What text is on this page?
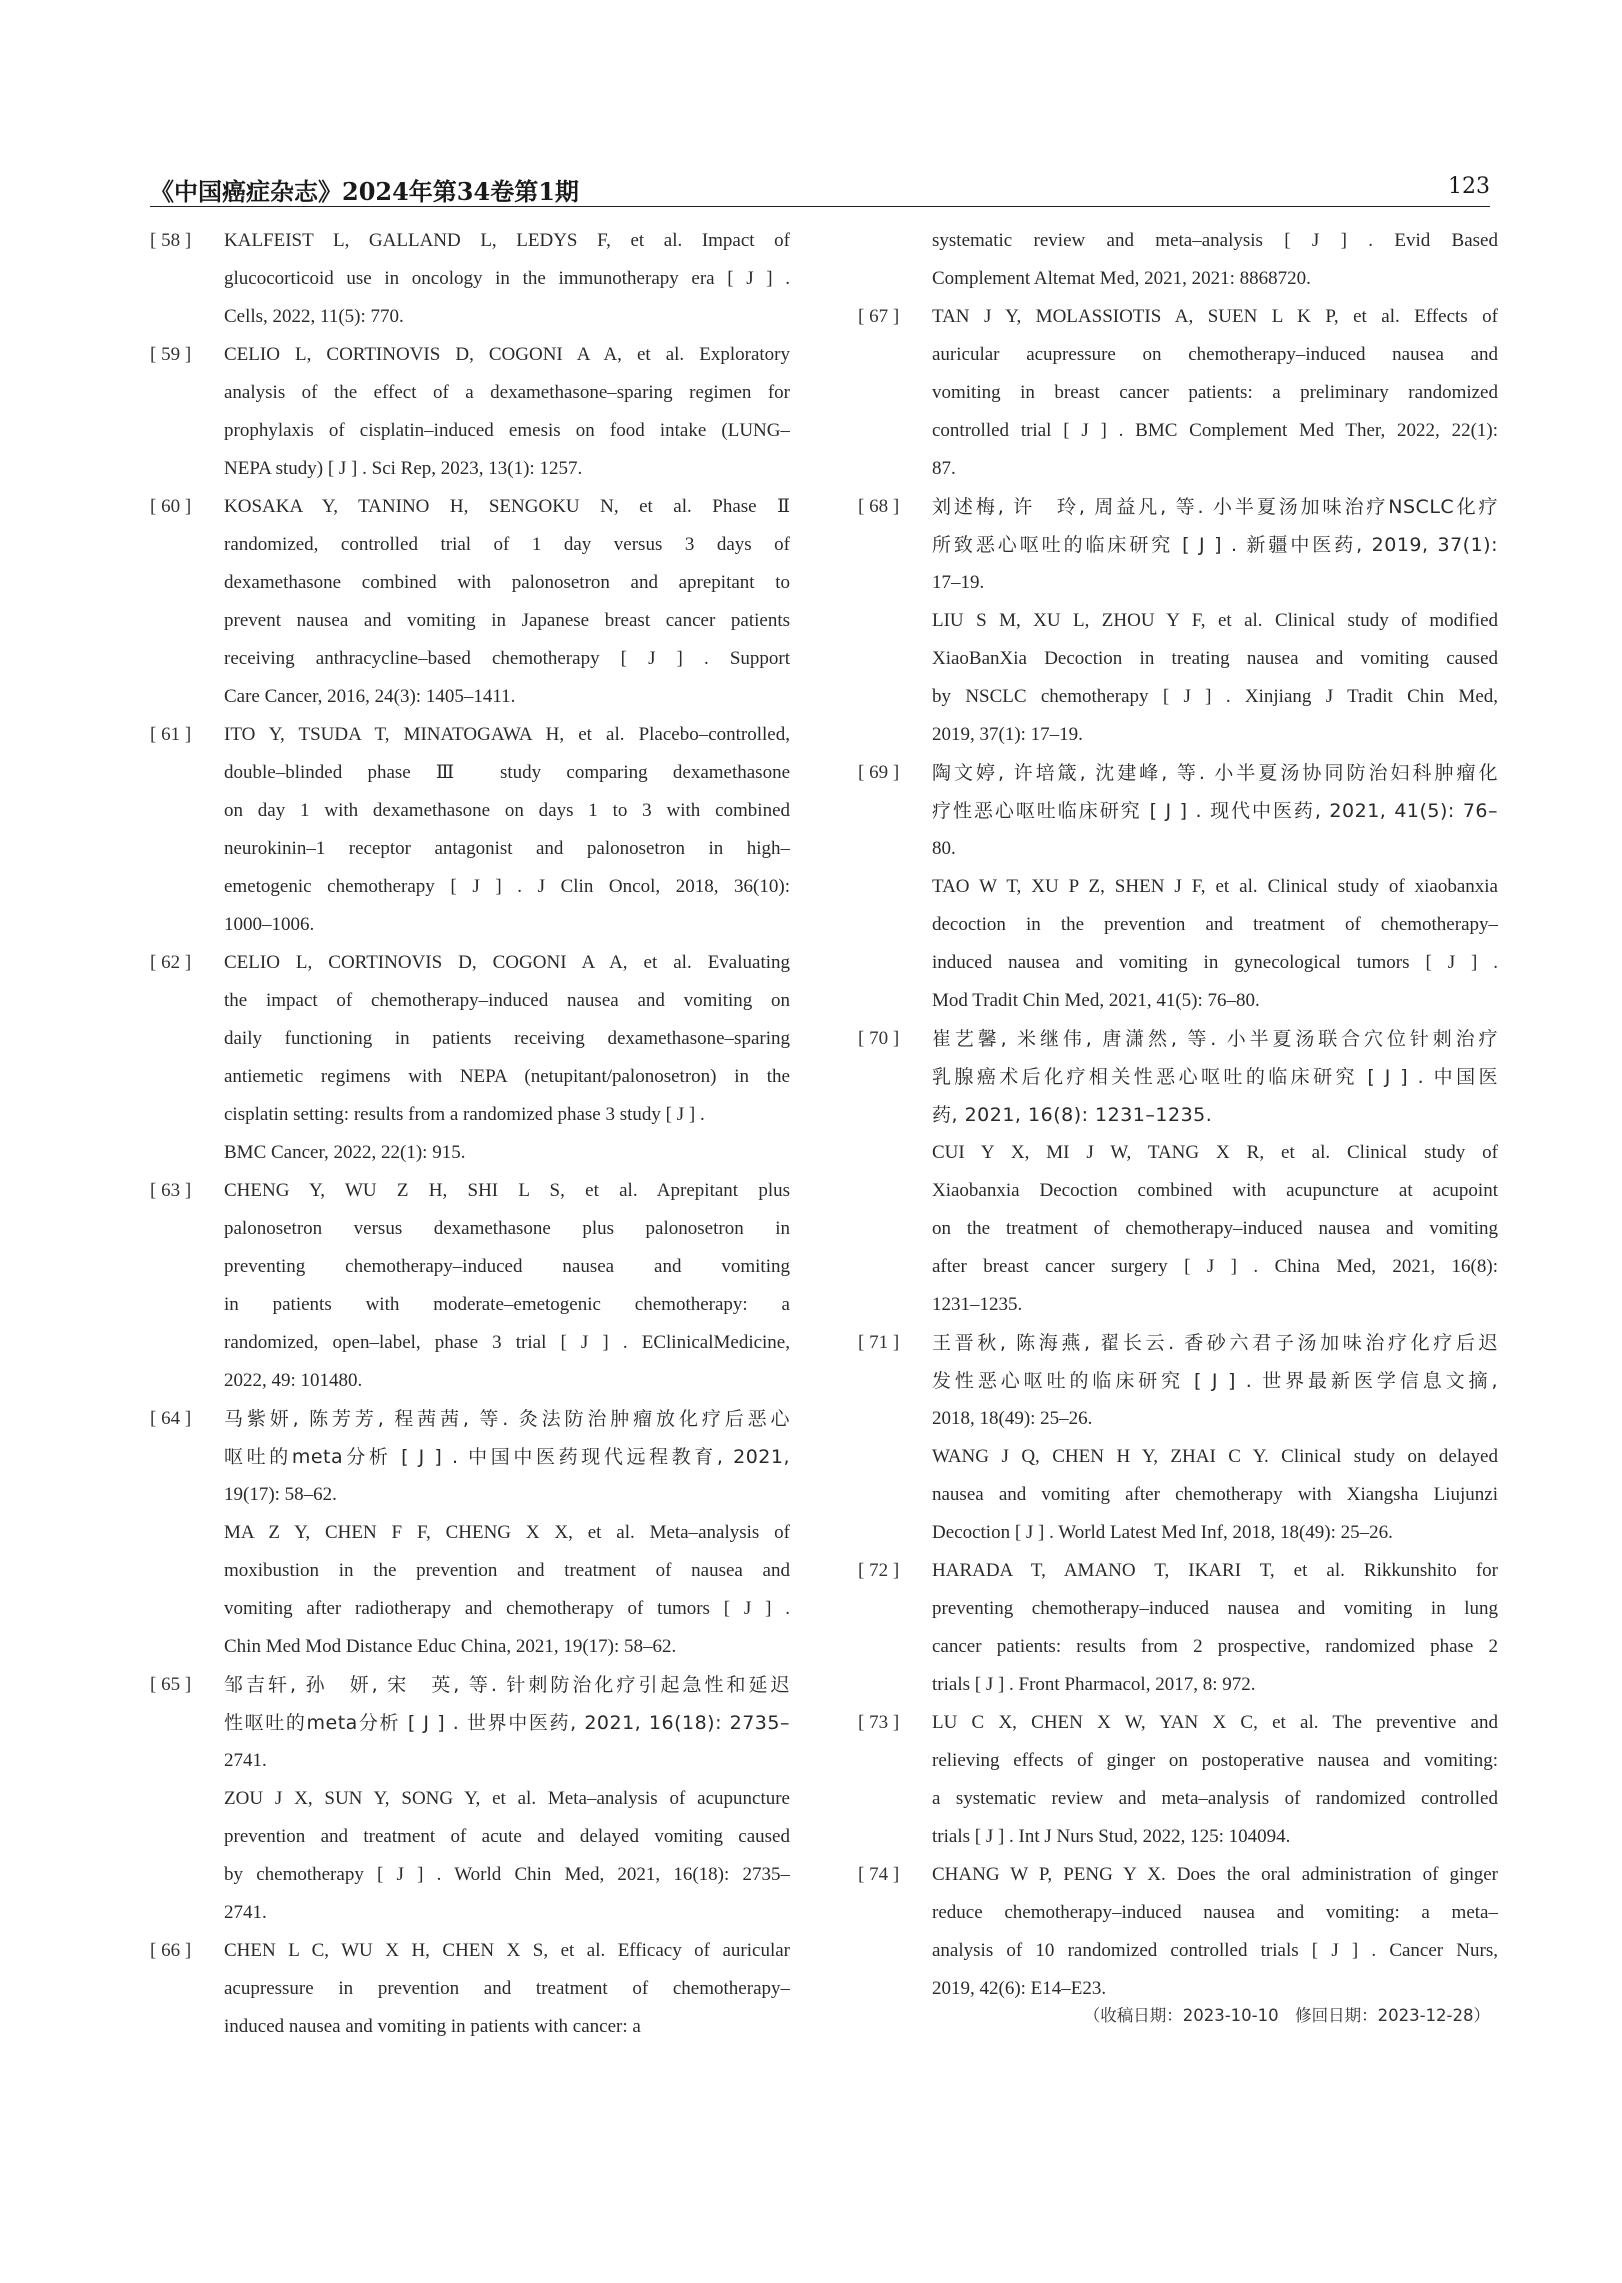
《中国癌症杂志》2024年第34卷第1期	123
[ 58 ]	KALFEIST L, GALLAND L, LEDYS F, et al. Impact of
glucocorticoid use in oncology in the immunotherapy era [ J ] .
Cells, 2022, 11(5): 770.
[ 59 ]	CELIO L, CORTINOVIS D, COGONI A A, et al. Exploratory
analysis of the effect of a dexamethasone–sparing regimen for
prophylaxis of cisplatin–induced emesis on food intake (LUNG–
NEPA study) [ J ] . Sci Rep, 2023, 13(1): 1257.
[ 60 ]	KOSAKA Y, TANINO H, SENGOKU N, et al. Phase Ⅱ
randomized, controlled trial of 1 day versus 3 days of
dexamethasone combined with palonosetron and aprepitant to
prevent nausea and vomiting in Japanese breast cancer patients
receiving anthracycline–based chemotherapy [ J ] . Support
Care Cancer, 2016, 24(3): 1405–1411.
[ 61 ]	ITO Y, TSUDA T, MINATOGAWA H, et al. Placebo–controlled,
double–blinded phase Ⅲ study comparing dexamethasone
on day 1 with dexamethasone on days 1 to 3 with combined
neurokinin–1 receptor antagonist and palonosetron in high–
emetogenic chemotherapy [ J ] . J Clin Oncol, 2018, 36(10):
1000–1006.
[ 62 ]	CELIO L, CORTINOVIS D, COGONI A A, et al. Evaluating
the impact of chemotherapy–induced nausea and vomiting on
daily functioning in patients receiving dexamethasone–sparing
antiemetic regimens with NEPA (netupitant/palonosetron) in the
cisplatin setting: results from a randomized phase 3 study [ J ] .
BMC Cancer, 2022, 22(1): 915.
[ 63 ]	CHENG Y, WU Z H, SHI L S, et al. Aprepitant plus
palonosetron versus dexamethasone plus palonosetron in
preventing chemotherapy–induced nausea and vomiting
in patients with moderate–emetogenic chemotherapy: a
randomized, open–label, phase 3 trial [ J ] . EClinicalMedicine,
2022, 49: 101480.
[ 64 ]	马紫妍, 陈芳芳, 程茜茜, 等. 灸法防治肿瘤放化疗后恶心
呕吐的meta分析 [ J ] . 中国中医药现代远程教育, 2021,
19(17): 58–62.
MA Z Y, CHEN F F, CHENG X X, et al. Meta–analysis of
moxibustion in the prevention and treatment of nausea and
vomiting after radiotherapy and chemotherapy of tumors [ J ] .
Chin Med Mod Distance Educ China, 2021, 19(17): 58–62.
[ 65 ]	邹吉轩, 孙　妍, 宋　英, 等. 针刺防治化疗引起急性和延迟
性呕吐的meta分析 [ J ] . 世界中医药, 2021, 16(18): 2735–
2741.
ZOU J X, SUN Y, SONG Y, et al. Meta–analysis of acupuncture
prevention and treatment of acute and delayed vomiting caused
by chemotherapy [ J ] . World Chin Med, 2021, 16(18): 2735–
2741.
[ 66 ]	CHEN L C, WU X H, CHEN X S, et al. Efficacy of auricular
acupressure in prevention and treatment of chemotherapy–
induced nausea and vomiting in patients with cancer: a
systematic review and meta–analysis [ J ] . Evid Based
Complement Altemat Med, 2021, 2021: 8868720.
[ 67 ]	TAN J Y, MOLASSIOTIS A, SUEN L K P, et al. Effects of
auricular acupressure on chemotherapy–induced nausea and
vomiting in breast cancer patients: a preliminary randomized
controlled trial [ J ] . BMC Complement Med Ther, 2022, 22(1):
87.
[ 68 ]	刘述梅, 许　玲, 周益凡, 等. 小半夏汤加味治疗NSCLC化疗
所致恶心呕吐的临床研究 [ J ] . 新疆中医药, 2019, 37(1):
17–19.
LIU S M, XU L, ZHOU Y F, et al. Clinical study of modified
XiaoBanXia Decoction in treating nausea and vomiting caused
by NSCLC chemotherapy [ J ] . Xinjiang J Tradit Chin Med,
2019, 37(1): 17–19.
[ 69 ]	陶文婷, 许培箴, 沈建峰, 等. 小半夏汤协同防治妇科肿瘤化
疗性恶心呕吐临床研究 [ J ] . 现代中医药, 2021, 41(5): 76–
80.
TAO W T, XU P Z, SHEN J F, et al. Clinical study of xiaobanxia
decoction in the prevention and treatment of chemotherapy–
induced nausea and vomiting in gynecological tumors [ J ] .
Mod Tradit Chin Med, 2021, 41(5): 76–80.
[ 70 ]	崔艺馨, 米继伟, 唐潇然, 等. 小半夏汤联合穴位针刺治疗
乳腺癌术后化疗相关性恶心呕吐的临床研究 [ J ] . 中国医
药, 2021, 16(8): 1231–1235.
CUI Y X, MI J W, TANG X R, et al. Clinical study of
Xiaobanxia Decoction combined with acupuncture at acupoint
on the treatment of chemotherapy–induced nausea and vomiting
after breast cancer surgery [ J ] . China Med, 2021, 16(8):
1231–1235.
[ 71 ]	王晋秋, 陈海燕, 翟长云. 香砂六君子汤加味治疗化疗后迟
发性恶心呕吐的临床研究 [ J ] . 世界最新医学信息文摘,
2018, 18(49): 25–26.
WANG J Q, CHEN H Y, ZHAI C Y. Clinical study on delayed
nausea and vomiting after chemotherapy with Xiangsha Liujunzi
Decoction [ J ] . World Latest Med Inf, 2018, 18(49): 25–26.
[ 72 ]	HARADA T, AMANO T, IKARI T, et al. Rikkunshito for
preventing chemotherapy–induced nausea and vomiting in lung
cancer patients: results from 2 prospective, randomized phase 2
trials [ J ] . Front Pharmacol, 2017, 8: 972.
[ 73 ]	LU C X, CHEN X W, YAN X C, et al. The preventive and
relieving effects of ginger on postoperative nausea and vomiting:
a systematic review and meta–analysis of randomized controlled
trials [ J ] . Int J Nurs Stud, 2022, 125: 104094.
[ 74 ]	CHANG W P, PENG Y X. Does the oral administration of ginger
reduce chemotherapy–induced nausea and vomiting: a meta–
analysis of 10 randomized controlled trials [ J ] . Cancer Nurs,
2019, 42(6): E14–E23.
（收稿日期：2023-10-10　修回日期：2023-12-28）
